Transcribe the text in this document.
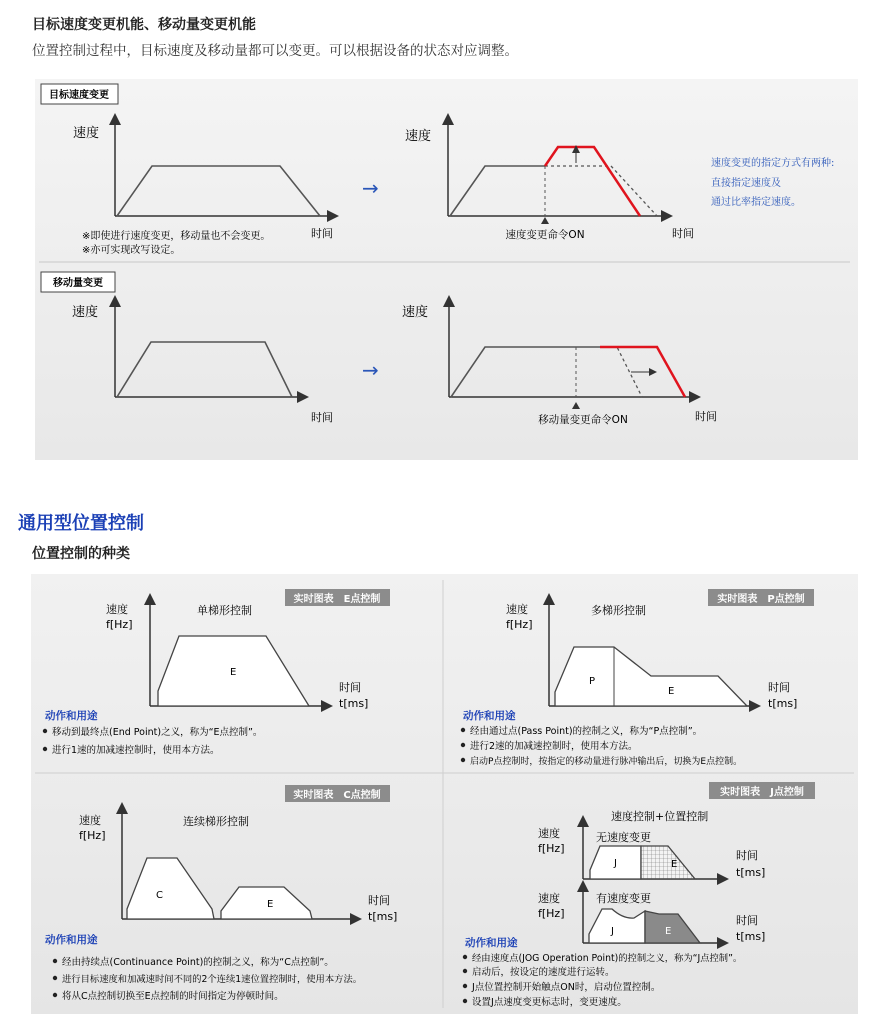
目标速度变更机能、移动量变更机能
位置控制过程中，目标速度及移动量都可以变更。可以根据设备的状态对应调整。
目标速度变更
速度
※即使进行速度变更，移动量也不会变更。
※亦可实现改写设定。
时间
→
速度
速度变更命令ON	时间
速度变更的指定方式有两种:
直接指定速度及
通过比率指定速度。
移动量变更
速度
时间
→
速度
移动量变更命令ON	时间
通用型位置控制
位置控制的种类
实时图表　E点控制
单梯形控制
速度
f[Hz]
E
时间
t[ms]
动作和用途
移动到最终点(End Point)之义，称为“E点控制”。
进行1速的加减速控制时，使用本方法。
实时图表　P点控制
多梯形控制
速度
f[Hz]
P
E	时间
t[ms]
动作和用途
经由通过点(Pass Point)的控制之义，称为“P点控制”。
进行2速的加减速控制时，使用本方法。
启动P点控制时，按指定的移动量进行脉冲输出后，切换为E点控制。
实时图表　C点控制
连续梯形控制
速度
f[Hz]
C
E	时间
t[ms]
动作和用途
经由持续点(Continuance Point)的控制之义，称为“C点控制”。
进行目标速度和加减速时间不同的2个连续1速位置控制时，使用本方法。
将从C点控制切换至E点控制的时间指定为停顿时间。
实时图表　J点控制
速度控制+位置控制
无速度变更
速度
f[Hz]
J	E
时间
t[ms]
有速度变更
速度
f[Hz]
J	E
时间
t[ms]
动作和用途
经由速度点(JOG Operation Point)的控制之义，称为“J点控制”。
启动后，按设定的速度进行运转。
J点位置控制开始触点ON时，启动位置控制。
设置J点速度变更标志时，变更速度。
